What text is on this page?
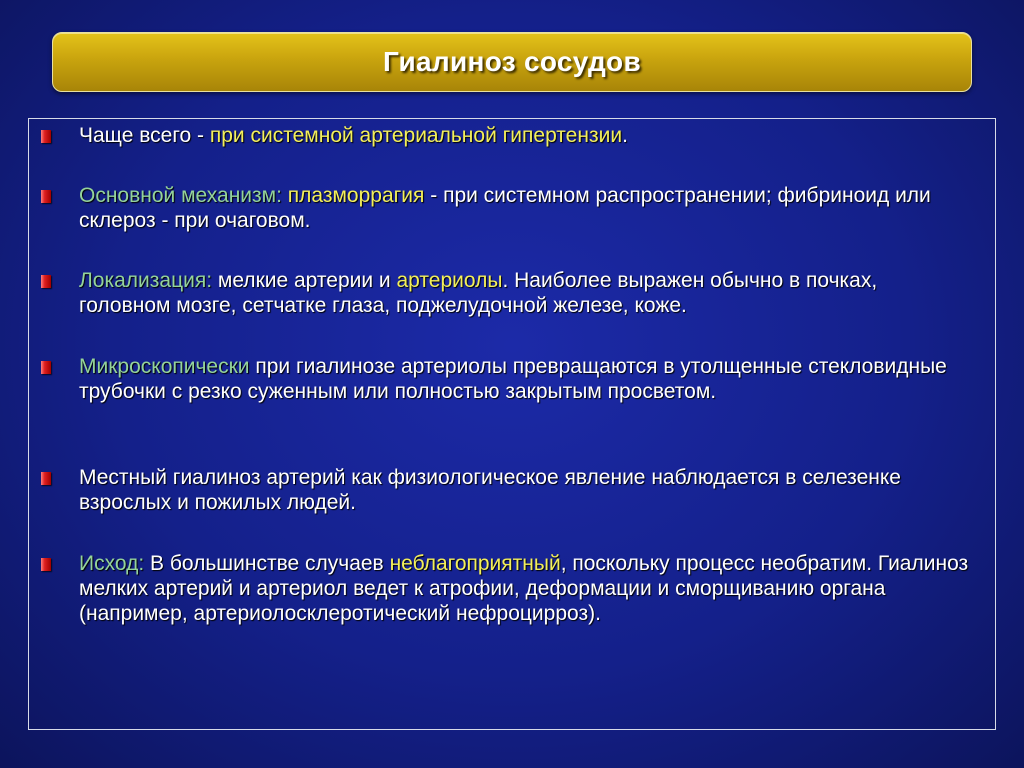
Гиалиноз сосудов
Чаще всего - при системной артериальной гипертензии.
Основной механизм: плазморрагия - при системном распространении; фибриноид или склероз - при очаговом.
Локализация: мелкие артерии и артериолы. Наиболее выражен обычно в почках, головном мозге, сетчатке глаза, поджелудочной железе, коже.
Микроскопически при гиалинозе артериолы превращаются в утолщенные стекловидные трубочки с резко суженным или полностью закрытым просветом.
Местный гиалиноз артерий как физиологическое явление наблюдается в селезенке взрослых и пожилых людей.
Исход: В большинстве случаев неблагоприятный, поскольку процесс необратим. Гиалиноз мелких артерий и артериол ведет к атрофии, деформации и сморщиванию органа (например, артериолосклеротический нефроцирроз).
